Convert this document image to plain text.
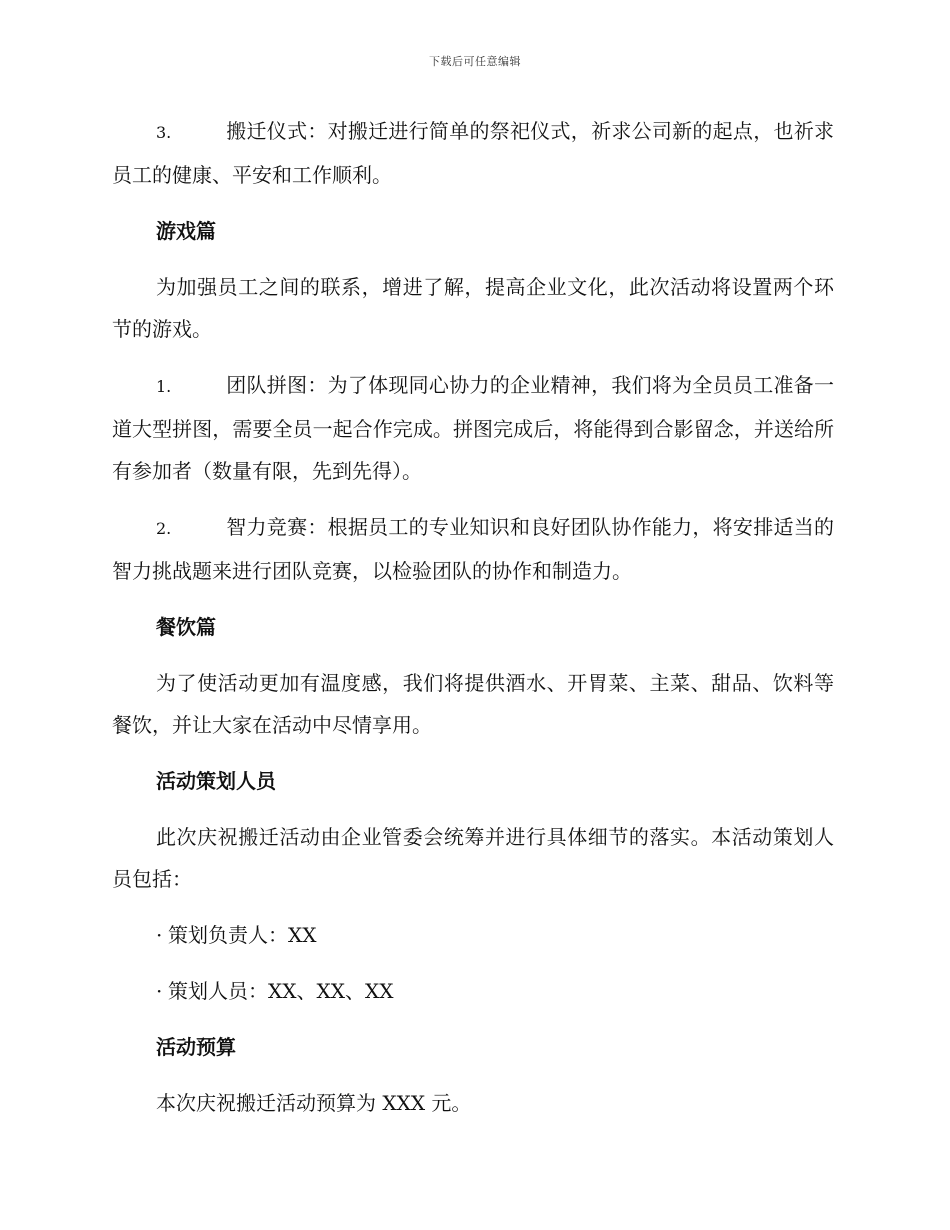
下载后可任意编辑

3.	搬迁仪式：对搬迁进行简单的祭祀仪式，祈求公司新的起点，也祈求员工的健康、平安和工作顺利。

游戏篇

为加强员工之间的联系，增进了解，提高企业文化，此次活动将设置两个环节的游戏。

1.	团队拼图：为了体现同心协力的企业精神，我们将为全员员工准备一道大型拼图，需要全员一起合作完成。拼图完成后，将能得到合影留念，并送给所有参加者（数量有限，先到先得）。

2.	智力竞赛：根据员工的专业知识和良好团队协作能力，将安排适当的智力挑战题来进行团队竞赛，以检验团队的协作和制造力。

餐饮篇

为了使活动更加有温度感，我们将提供酒水、开胃菜、主菜、甜品、饮料等餐饮，并让大家在活动中尽情享用。

活动策划人员

此次庆祝搬迁活动由企业管委会统筹并进行具体细节的落实。本活动策划人员包括：

· 策划负责人：XX
· 策划人员：XX、XX、XX
活动预算

本次庆祝搬迁活动预算为 XXX 元。
